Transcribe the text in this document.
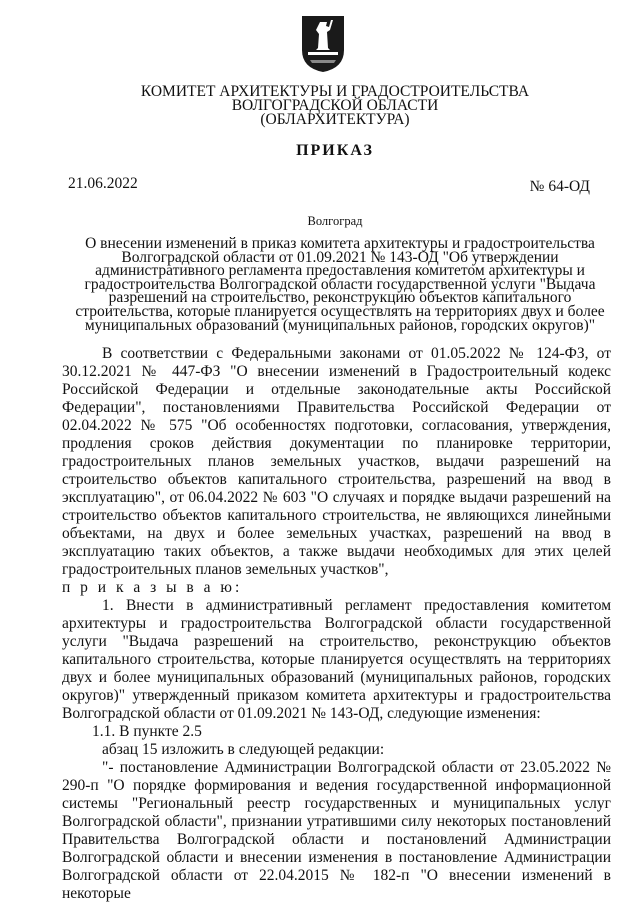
КОМИТЕТ АРХИТЕКТУРЫ И ГРАДОСТРОИТЕЛЬСТВА
ВОЛГОГРАДСКОЙ ОБЛАСТИ
(ОБЛАРХИТЕКТУРА)
ПРИКАЗ
21.06.2022	№ 64-ОД
Волгоград
О внесении изменений в приказ комитета архитектуры и градостроительства Волгоградской области от 01.09.2021 № 143-ОД "Об утверждении административного регламента предоставления комитетом архитектуры и градостроительства Волгоградской области государственной услуги "Выдача разрешений на строительство, реконструкцию объектов капитального строительства, которые планируется осуществлять на территориях двух и более муниципальных образований (муниципальных районов, городских округов)"

В соответствии с Федеральными законами от 01.05.2022 № 124-ФЗ, от 30.12.2021 № 447-ФЗ "О внесении изменений в Градостроительный кодекс Российской Федерации и отдельные законодательные акты Российской Федерации", постановлениями Правительства Российской Федерации от 02.04.2022 № 575 "Об особенностях подготовки, согласования, утверждения, продления сроков действия документации по планировке территории, градостроительных планов земельных участков, выдачи разрешений на строительство объектов капитального строительства, разрешений на ввод в эксплуатацию", от 06.04.2022 № 603 "О случаях и порядке выдачи разрешений на строительство объектов капитального строительства, не являющихся линейными объектами, на двух и более земельных участках, разрешений на ввод в эксплуатацию таких объектов, а также выдачи необходимых для этих целей градостроительных планов земельных участков",

п р и к а з ы в а ю:

1. Внести в административный регламент предоставления комитетом архитектуры и градостроительства Волгоградской области государственной услуги "Выдача разрешений на строительство, реконструкцию объектов капитального строительства, которые планируется осуществлять на территориях двух и более муниципальных образований (муниципальных районов, городских округов)" утвержденный приказом комитета архитектуры и градостроительства Волгоградской области от 01.09.2021 № 143-ОД, следующие изменения:

1.1. В пункте 2.5

абзац 15 изложить в следующей редакции:

"- постановление Администрации Волгоградской области от 23.05.2022 № 290-п "О порядке формирования и ведения государственной информационной системы "Региональный реестр государственных и муниципальных услуг Волгоградской области", признании утратившими силу некоторых постановлений Правительства Волгоградской области и постановлений Администрации Волгоградской области и внесении изменения в постановление Администрации Волгоградской области от 22.04.2015 № 182-п "О внесении изменений в некоторые
